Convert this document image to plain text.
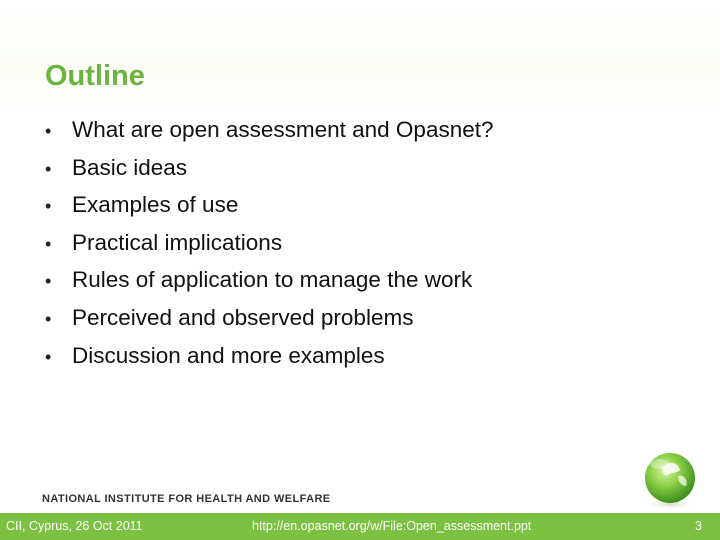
Outline
• What are open assessment and Opasnet?
• Basic ideas
• Examples of use
• Practical implications
• Rules of application to manage the work
• Perceived and observed problems
• Discussion and more examples
NATIONAL INSTITUTE FOR HEALTH AND WELFARE
CII, Cyprus, 26 Oct 2011	http://en.opasnet.org/w/File:Open_assessment.ppt	3
